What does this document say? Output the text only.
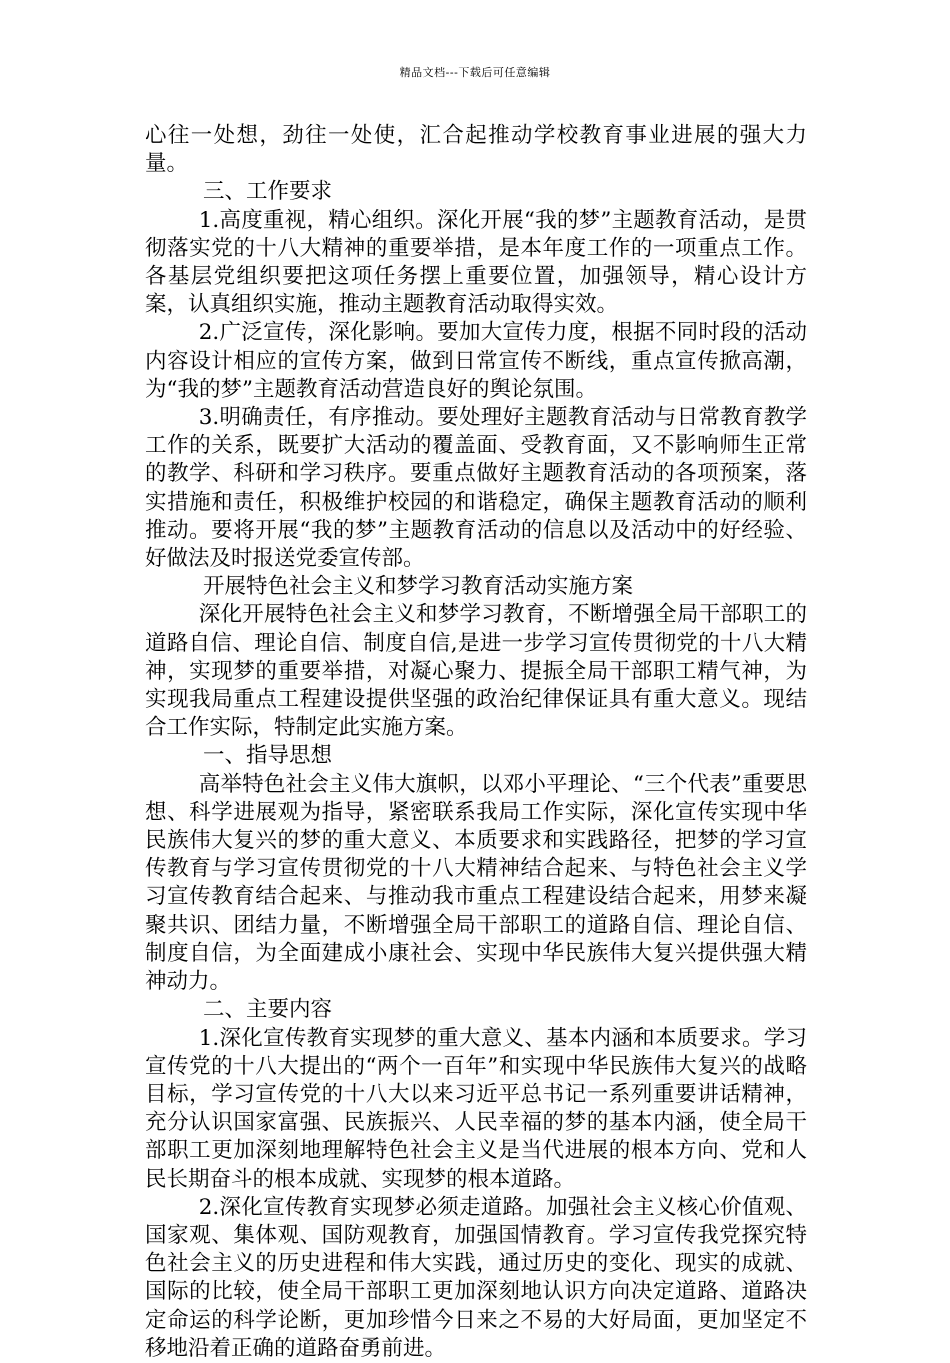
精品文档---下载后可任意编辑

心往一处想，劲往一处使，汇合起推动学校教育事业进展的强大力量。

三、工作要求

1.高度重视，精心组织。深化开展“我的梦”主题教育活动，是贯彻落实党的十八大精神的重要举措，是本年度工作的一项重点工作。各基层党组织要把这项任务摆上重要位置，加强领导，精心设计方案，认真组织实施，推动主题教育活动取得实效。

2.广泛宣传，深化影响。要加大宣传力度，根据不同时段的活动内容设计相应的宣传方案，做到日常宣传不断线，重点宣传掀高潮，为“我的梦”主题教育活动营造良好的舆论氛围。

3.明确责任，有序推动。要处理好主题教育活动与日常教育教学工作的关系，既要扩大活动的覆盖面、受教育面，又不影响师生正常的教学、科研和学习秩序。要重点做好主题教育活动的各项预案，落实措施和责任，积极维护校园的和谐稳定，确保主题教育活动的顺利推动。要将开展“我的梦”主题教育活动的信息以及活动中的好经验、好做法及时报送党委宣传部。

开展特色社会主义和梦学习教育活动实施方案

深化开展特色社会主义和梦学习教育，不断增强全局干部职工的道路自信、理论自信、制度自信,是进一步学习宣传贯彻党的十八大精神，实现梦的重要举措，对凝心聚力、提振全局干部职工精气神，为实现我局重点工程建设提供坚强的政治纪律保证具有重大意义。现结合工作实际，特制定此实施方案。

一、指导思想

高举特色社会主义伟大旗帜，以邓小平理论、“三个代表”重要思想、科学进展观为指导，紧密联系我局工作实际，深化宣传实现中华民族伟大复兴的梦的重大意义、本质要求和实践路径，把梦的学习宣传教育与学习宣传贯彻党的十八大精神结合起来、与特色社会主义学习宣传教育结合起来、与推动我市重点工程建设结合起来，用梦来凝聚共识、团结力量，不断增强全局干部职工的道路自信、理论自信、制度自信，为全面建成小康社会、实现中华民族伟大复兴提供强大精神动力。

二、主要内容

1.深化宣传教育实现梦的重大意义、基本内涵和本质要求。学习宣传党的十八大提出的“两个一百年”和实现中华民族伟大复兴的战略目标，学习宣传党的十八大以来习近平总书记一系列重要讲话精神，充分认识国家富强、民族振兴、人民幸福的梦的基本内涵，使全局干部职工更加深刻地理解特色社会主义是当代进展的根本方向、党和人民长期奋斗的根本成就、实现梦的根本道路。

2.深化宣传教育实现梦必须走道路。加强社会主义核心价值观、国家观、集体观、国防观教育，加强国情教育。学习宣传我党探究特色社会主义的历史进程和伟大实践，通过历史的变化、现实的成就、国际的比较，使全局干部职工更加深刻地认识方向决定道路、道路决定命运的科学论断，更加珍惜今日来之不易的大好局面，更加坚定不移地沿着正确的道路奋勇前进。
